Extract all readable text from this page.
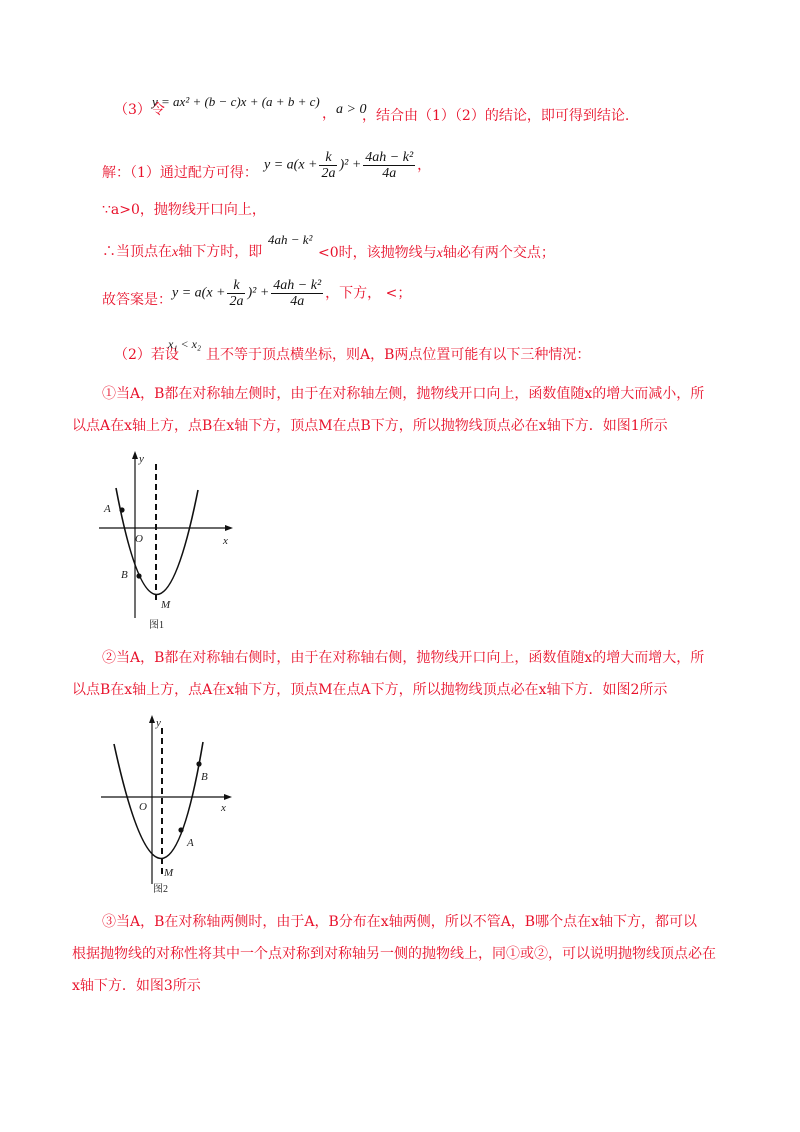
（3）令
y = ax² + (b − c)x + (a + b + c)
， a > 0
，结合由（1）（2）的结论，即可得到结论.
解：（1）通过配方可得： $y = a(x + \frac{k}{2a} )^2 + \frac{\text{4ah − k²}}{4a}$ ，
∵a>0，抛物线开口向上，
∴当顶点在x轴下方时，即
4ah − k²
<0时，该抛物线与x轴必有两个交点；
故答案是： $y = a(x + \frac{k}{2a} )^2 + \frac{\text{4ah − k²}}{4a}$ ，下方， <；
（2）若设
x₁ < x₂
且不等于顶点横坐标，则A，B两点位置可能有以下三种情况：
①当A，B都在对称轴左侧时，由于在对称轴左侧，抛物线开口向上，函数值随x的增大而减小，所
以点A在x轴上方，点B在x轴下方，顶点M在点B下方，所以抛物线顶点必在x轴下方．如图1所示
y
x
O
A
B
M
图1
②当A，B都在对称轴右侧时，由于在对称轴右侧，抛物线开口向上，函数值随x的增大而增大，所
以点B在x轴上方，点A在x轴下方，顶点M在点A下方，所以抛物线顶点必在x轴下方．如图2所示
y
x
O
B
A
M
图2
③当A，B在对称轴两侧时，由于A，B分布在x轴两侧，所以不管A，B哪个点在x轴下方，都可以
根据抛物线的对称性将其中一个点对称到对称轴另一侧的抛物线上，同①或②，可以说明抛物线顶点必在
x轴下方．如图3所示
